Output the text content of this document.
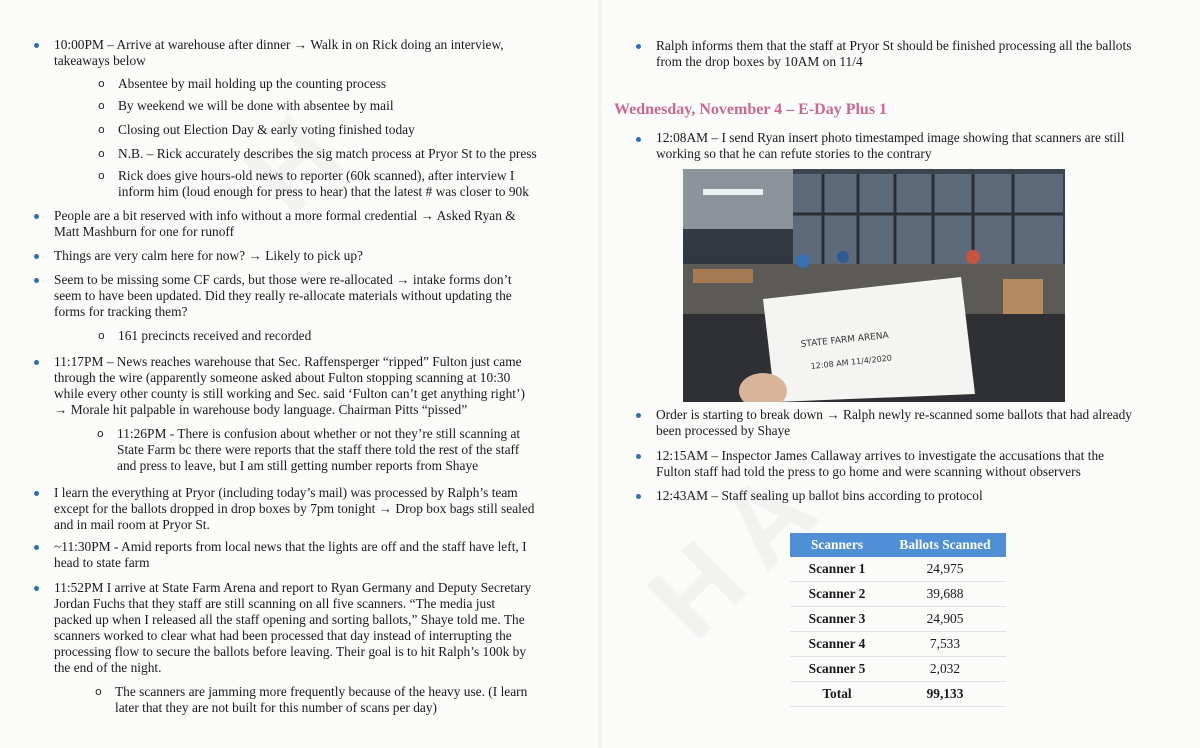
10:00PM – Arrive at warehouse after dinner → Walk in on Rick doing an interview,
takeaways below
o Absentee by mail holding up the counting process
o By weekend we will be done with absentee by mail
o Closing out Election Day & early voting finished today
o N.B. – Rick accurately describes the sig match process at Pryor St to the press
o Rick does give hours-old news to reporter (60k scanned), after interview I
inform him (loud enough for press to hear) that the latest # was closer to 90k
People are a bit reserved with info without a more formal credential → Asked Ryan &
Matt Mashburn for one for runoff
Things are very calm here for now? → Likely to pick up?
Seem to be missing some CF cards, but those were re-allocated → intake forms don’t
seem to have been updated. Did they really re-allocate materials without updating the
forms for tracking them?
o 161 precincts received and recorded
11:17PM – News reaches warehouse that Sec. Raffensperger “ripped” Fulton just came
through the wire (apparently someone asked about Fulton stopping scanning at 10:30
while every other county is still working and Sec. said ‘Fulton can’t get anything right’)
→ Morale hit palpable in warehouse body language. Chairman Pitts “pissed”
o 11:26PM - There is confusion about whether or not they’re still scanning at
State Farm bc there were reports that the staff there told the rest of the staff
and press to leave, but I am still getting number reports from Shaye
I learn the everything at Pryor (including today’s mail) was processed by Ralph’s team
except for the ballots dropped in drop boxes by 7pm tonight → Drop box bags still sealed
and in mail room at Pryor St.
~11:30PM - Amid reports from local news that the lights are off and the staff have left, I
head to state farm
11:52PM I arrive at State Farm Arena and report to Ryan Germany and Deputy Secretary
Jordan Fuchs that they staff are still scanning on all five scanners. “The media just
packed up when I released all the staff opening and sorting ballots,” Shaye told me. The
scanners worked to clear what had been processed that day instead of interrupting the
processing flow to secure the ballots before leaving. Their goal is to hit Ralph’s 100k by
the end of the night.
o The scanners are jamming more frequently because of the heavy use. (I learn
later that they are not built for this number of scans per day)
Ralph informs them that the staff at Pryor St should be finished processing all the ballots
from the drop boxes by 10AM on 11/4
Wednesday, November 4 – E-Day Plus 1
12:08AM – I send Ryan insert photo timestamped image showing that scanners are still
working so that he can refute stories to the contrary
STATE FARM ARENA
12:08 AM 11/4/2020
Scanners	Ballots Scanned
Scanner 1	24,975
Scanner 2	39,688
Scanner 3	24,905
Scanner 4	7,533
Scanner 5	2,032
Total	99,133
Order is starting to break down → Ralph newly re-scanned some ballots that had already
been processed by Shaye
12:15AM – Inspector James Callaway arrives to investigate the accusations that the
Fulton staff had told the press to go home and were scanning without observers
12:43AM – Staff sealing up ballot bins according to protocol
